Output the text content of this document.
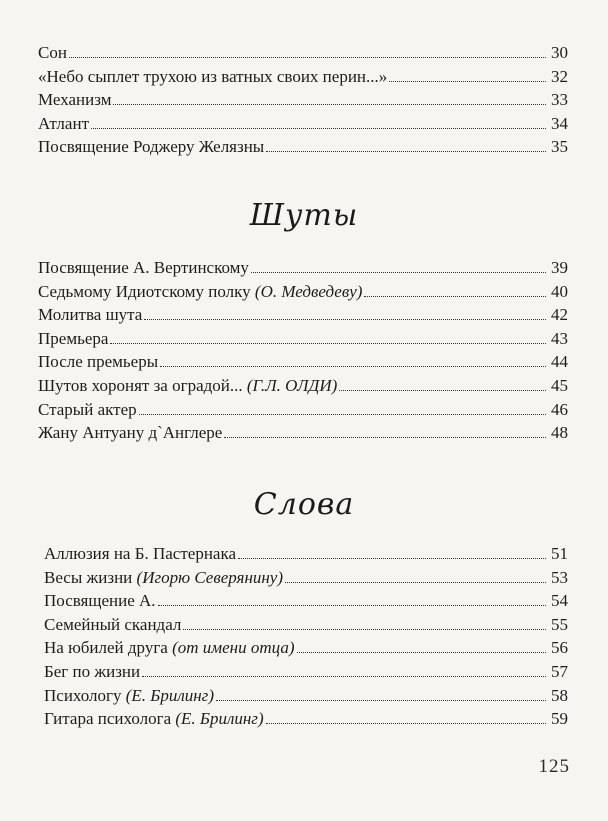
Сон	30
«Небо сыплет трухою из ватных своих перин...»	32
Механизм	33
Атлант	34
Посвящение Роджеру Желязны	35
Шуты
Посвящение А. Вертинскому	39
Седьмому Идиотскому полку (О. Медведеву)	40
Молитва шута	42
Премьера	43
После премьеры	44
Шутов хоронят за оградой... (Г.Л. ОЛДИ)	45
Старый актер	46
Жану Антуану д`Англере	48
Слова
Аллюзия на Б. Пастернака	51
Весы жизни (Игорю Северянину)	53
Посвящение А.	54
Семейный скандал	55
На юбилей друга (от имени отца)	56
Бег по жизни	57
Психологу (Е. Брилинг)	58
Гитара психолога (Е. Брилинг)	59
125
